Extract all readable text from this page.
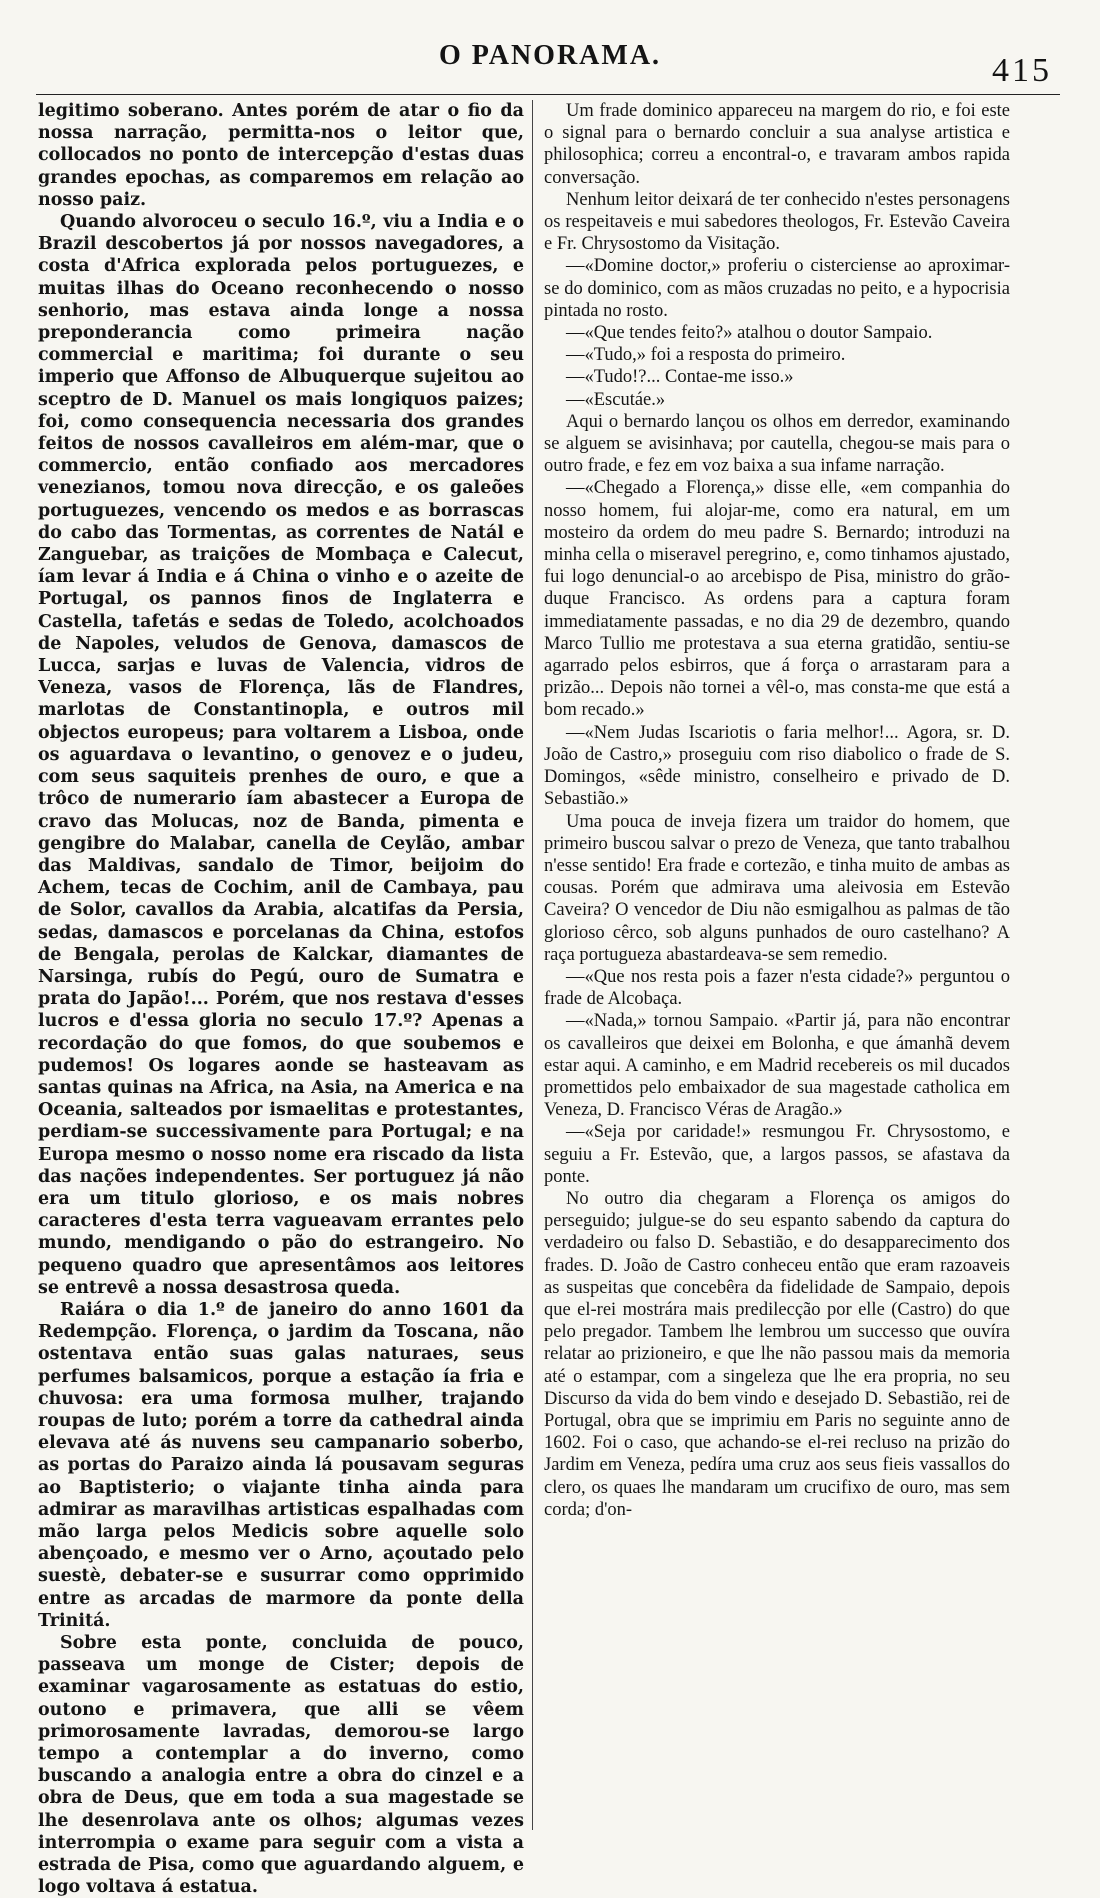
O PANORAMA.	415

legitimo soberano. Antes porém de atar o fio da nossa narração, permitta-nos o leitor que, collocados no ponto de intercepção d'estas duas grandes epochas, as comparemos em relação ao nosso paiz.

Quando alvoroceu o seculo 16.º, viu a India e o Brazil descobertos já por nossos navegadores, a costa d'Africa explorada pelos portuguezes, e muitas ilhas do Oceano reconhecendo o nosso senhorio, mas estava ainda longe a nossa preponderancia como primeira nação commercial e maritima; foi durante o seu imperio que Affonso de Albuquerque sujeitou ao sceptro de D. Manuel os mais longiquos paizes; foi, como consequencia necessaria dos grandes feitos de nossos cavalleiros em além-mar, que o commercio, então confiado aos mercadores venezianos, tomou nova direcção, e os galeões portuguezes, vencendo os medos e as borrascas do cabo das Tormentas, as correntes de Natál e Zanguebar, as traições de Mombaça e Calecut, íam levar á India e á China o vinho e o azeite de Portugal, os pannos finos de Inglaterra e Castella, tafetás e sedas de Toledo, acolchoados de Napoles, veludos de Genova, damascos de Lucca, sarjas e luvas de Valencia, vidros de Veneza, vasos de Florença, lãs de Flandres, marlotas de Constantinopla, e outros mil objectos europeus; para voltarem a Lisboa, onde os aguardava o levantino, o genovez e o judeu, com seus saquiteis prenhes de ouro, e que a trôco de numerario íam abastecer a Europa de cravo das Molucas, noz de Banda, pimenta e gengibre do Malabar, canella de Ceylão, ambar das Maldivas, sandalo de Timor, beijoim do Achem, tecas de Cochim, anil de Cambaya, pau de Solor, cavallos da Arabia, alcatifas da Persia, sedas, damascos e porcelanas da China, estofos de Bengala, perolas de Kalckar, diamantes de Narsinga, rubís do Pegú, ouro de Sumatra e prata do Japão!... Porém, que nos restava d'esses lucros e d'essa gloria no seculo 17.º? Apenas a recordação do que fomos, do que soubemos e pudemos! Os logares aonde se hasteavam as santas quinas na Africa, na Asia, na America e na Oceania, salteados por ismaelitas e protestantes, perdiam-se successivamente para Portugal; e na Europa mesmo o nosso nome era riscado da lista das nações independentes. Ser portuguez já não era um titulo glorioso, e os mais nobres caracteres d'esta terra vagueavam errantes pelo mundo, mendigando o pão do estrangeiro. No pequeno quadro que apresentâmos aos leitores se entrevê a nossa desastrosa queda.

Raiára o dia 1.º de janeiro do anno 1601 da Redempção. Florença, o jardim da Toscana, não ostentava então suas galas naturaes, seus perfumes balsamicos, porque a estação ía fria e chuvosa: era uma formosa mulher, trajando roupas de luto; porém a torre da cathedral ainda elevava até ás nuvens seu campanario soberbo, as portas do Paraizo ainda lá pousavam seguras ao Baptisterio; o viajante tinha ainda para admirar as maravilhas artisticas espalhadas com mão larga pelos Medicis sobre aquelle solo abençoado, e mesmo ver o Arno, açoutado pelo suestè, debater-se e susurrar como opprimido entre as arcadas de marmore da ponte della Trinitá.

Sobre esta ponte, concluida de pouco, passeava um monge de Cister; depois de examinar vagarosamente as estatuas do estio, outono e primavera, que alli se vêem primorosamente lavradas, demorou-se largo tempo a contemplar a do inverno, como buscando a analogia entre a obra do cinzel e a obra de Deus, que em toda a sua magestade se lhe desenrolava ante os olhos; algumas vezes interrompia o exame para seguir com a vista a estrada de Pisa, como que aguardando alguem, e logo voltava á estatua.

Um frade dominico appareceu na margem do rio, e foi este o signal para o bernardo concluir a sua analyse artistica e philosophica; correu a encontral-o, e travaram ambos rapida conversação.

Nenhum leitor deixará de ter conhecido n'estes personagens os respeitaveis e mui sabedores theologos, Fr. Estevão Caveira e Fr. Chrysostomo da Visitação.

—«Domine doctor,» proferiu o cisterciense ao aproximar-se do dominico, com as mãos cruzadas no peito, e a hypocrisia pintada no rosto.

—«Que tendes feito?» atalhou o doutor Sampaio.

—«Tudo,» foi a resposta do primeiro.

—«Tudo!?... Contae-me isso.»

—«Escutáe.»

Aqui o bernardo lançou os olhos em derredor, examinando se alguem se avisinhava; por cautella, chegou-se mais para o outro frade, e fez em voz baixa a sua infame narração.

—«Chegado a Florença,» disse elle, «em companhia do nosso homem, fui alojar-me, como era natural, em um mosteiro da ordem do meu padre S. Bernardo; introduzi na minha cella o miseravel peregrino, e, como tinhamos ajustado, fui logo denuncial-o ao arcebispo de Pisa, ministro do grão-duque Francisco. As ordens para a captura foram immediatamente passadas, e no dia 29 de dezembro, quando Marco Tullio me protestava a sua eterna gratidão, sentiu-se agarrado pelos esbirros, que á força o arrastaram para a prizão... Depois não tornei a vêl-o, mas consta-me que está a bom recado.»

—«Nem Judas Iscariotis o faria melhor!... Agora, sr. D. João de Castro,» proseguiu com riso diabolico o frade de S. Domingos, «sêde ministro, conselheiro e privado de D. Sebastião.»

Uma pouca de inveja fizera um traidor do homem, que primeiro buscou salvar o prezo de Veneza, que tanto trabalhou n'esse sentido! Era frade e cortezão, e tinha muito de ambas as cousas. Porém que admirava uma aleivosia em Estevão Caveira? O vencedor de Diu não esmigalhou as palmas de tão glorioso cêrco, sob alguns punhados de ouro castelhano? A raça portugueza abastardeava-se sem remedio.

—«Que nos resta pois a fazer n'esta cidade?» perguntou o frade de Alcobaça.

—«Nada,» tornou Sampaio. «Partir já, para não encontrar os cavalleiros que deixei em Bolonha, e que ámanhã devem estar aqui. A caminho, e em Madrid recebereis os mil ducados promettidos pelo embaixador de sua magestade catholica em Veneza, D. Francisco Véras de Aragão.»

—«Seja por caridade!» resmungou Fr. Chrysostomo, e seguiu a Fr. Estevão, que, a largos passos, se afastava da ponte.

No outro dia chegaram a Florença os amigos do perseguido; julgue-se do seu espanto sabendo da captura do verdadeiro ou falso D. Sebastião, e do desapparecimento dos frades. D. João de Castro conheceu então que eram razoaveis as suspeitas que concebêra da fidelidade de Sampaio, depois que el-rei mostrára mais predilecção por elle (Castro) do que pelo pregador. Tambem lhe lembrou um successo que ouvíra relatar ao prizioneiro, e que lhe não passou mais da memoria até o estampar, com a singeleza que lhe era propria, no seu Discurso da vida do bem vindo e desejado D. Sebastião, rei de Portugal, obra que se imprimiu em Paris no seguinte anno de 1602. Foi o caso, que achando-se el-rei recluso na prizão do Jardim em Veneza, pedíra uma cruz aos seus fieis vassallos do clero, os quaes lhe mandaram um crucifixo de ouro, mas sem corda; d'on-
